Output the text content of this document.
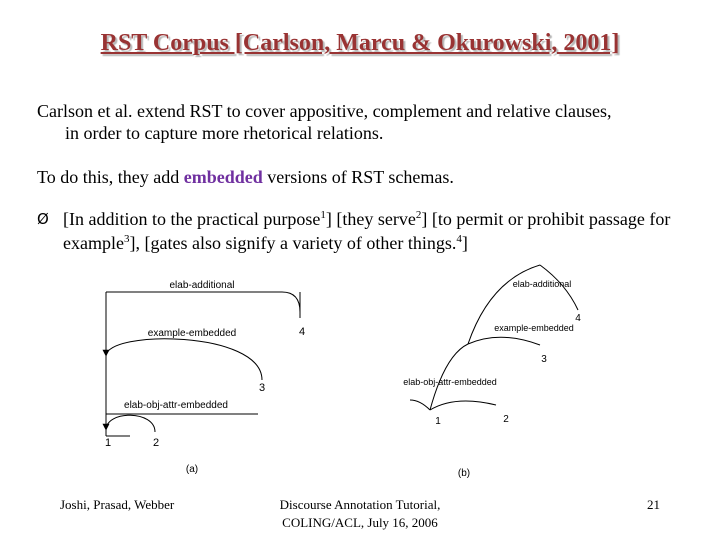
RST Corpus [Carlson, Marcu & Okurowski, 2001]
Carlson et al. extend RST to cover appositive, complement and relative clauses,
in order to capture more rhetorical relations.
To do this, they add embedded versions of RST schemas.
Ø [In addition to the practical purpose$^1$] [they serve$^2$] [to permit or prohibit passage for example$^3$], [gates also signify a variety of other things.$^4$]
elab-additional
example-embedded
elab-obj-attr-embedded
4
3
1	2
(a)
elab-additional
example-embedded
elab-obj-attr-embedded
4
3
1	2
(b)
Joshi, Prasad, Webber	Discourse Annotation Tutorial,
COLING/ACL, July 16, 2006
21
